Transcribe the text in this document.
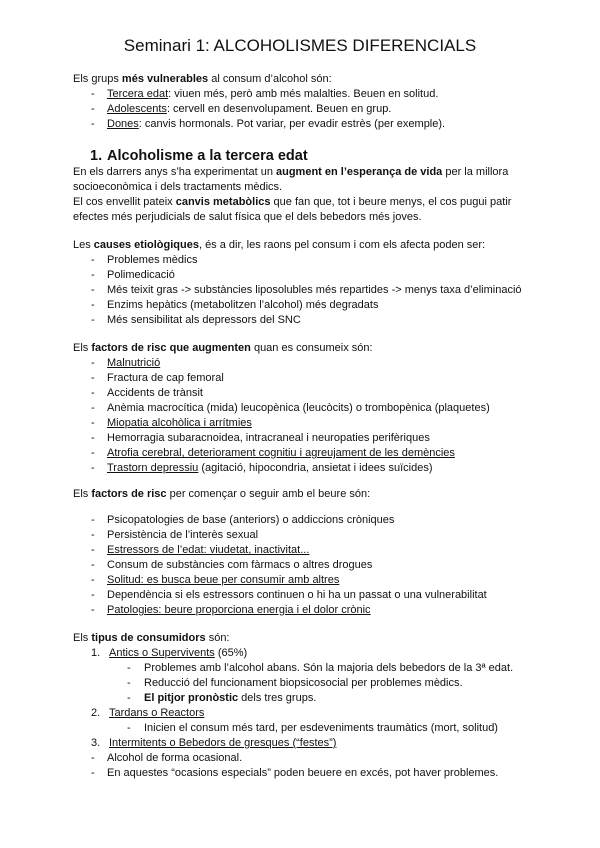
Seminari 1: ALCOHOLISMES DIFERENCIALS
Els grups més vulnerables al consum d’alcohol són:
- Tercera edat: viuen més, però amb més malalties. Beuen en solitud.
- Adolescents: cervell en desenvolupament. Beuen en grup.
- Dones: canvis hormonals. Pot variar, per evadir estrès (per exemple).
1. Alcoholisme a la tercera edat
En els darrers anys s’ha experimentat un augment en l’esperança de vida per la millora
socioeconòmica i dels tractaments mèdics.
El cos envellit pateix canvis metabòlics que fan que, tot i beure menys, el cos pugui patir
efectes més perjudicials de salut física que el dels bebedors més joves.
Les causes etiològiques, és a dir, les raons pel consum i com els afecta poden ser:
- Problemes mèdics
- Polimedicació
- Més teixit gras -> substàncies liposolubles més repartides -> menys taxa d’eliminació
- Enzims hepàtics (metabolitzen l’alcohol) més degradats
- Més sensibilitat als depressors del SNC
Els factors de risc que augmenten quan es consumeix són:
- Malnutrició
- Fractura de cap femoral
- Accidents de trànsit
- Anèmia macrocítica (mida) leucopènica (leucòcits) o trombopènica (plaquetes)
- Miopatia alcohòlica i arrítmies
- Hemorragia subaracnoidea, intracraneal i neuropaties perifèriques
- Atrofia cerebral, deteriorament cognitiu i agreujament de les demències
- Trastorn depressiu (agitació, hipocondria, ansietat i idees suïcides)
Els factors de risc per començar o seguir amb el beure són:
- Psicopatologies de base (anteriors) o addiccions cròniques
- Persistència de l’interès sexual
- Estressors de l’edat: viudetat, inactivitat...
- Consum de substàncies com fàrmacs o altres drogues
- Solitud: es busca beue per consumir amb altres
- Dependència si els estressors continuen o hi ha un passat o una vulnerabilitat
- Patologies: beure proporciona energia i el dolor crònic
Els tipus de consumidors són:
1. Antics o Supervivents (65%)
- Problemes amb l’alcohol abans. Són la majoria dels bebedors de la 3ª edat.
- Reducció del funcionament biopsicosocial per problemes mèdics.
- El pitjor pronòstic dels tres grups.
2. Tardans o Reactors
- Inicien el consum més tard, per esdeveniments traumàtics (mort, solitud)
3. Intermitents o Bebedors de gresques (“festes”)
- Alcohol de forma ocasional.
- En aquestes “ocasions especials” poden beuere en excés, pot haver problemes.
